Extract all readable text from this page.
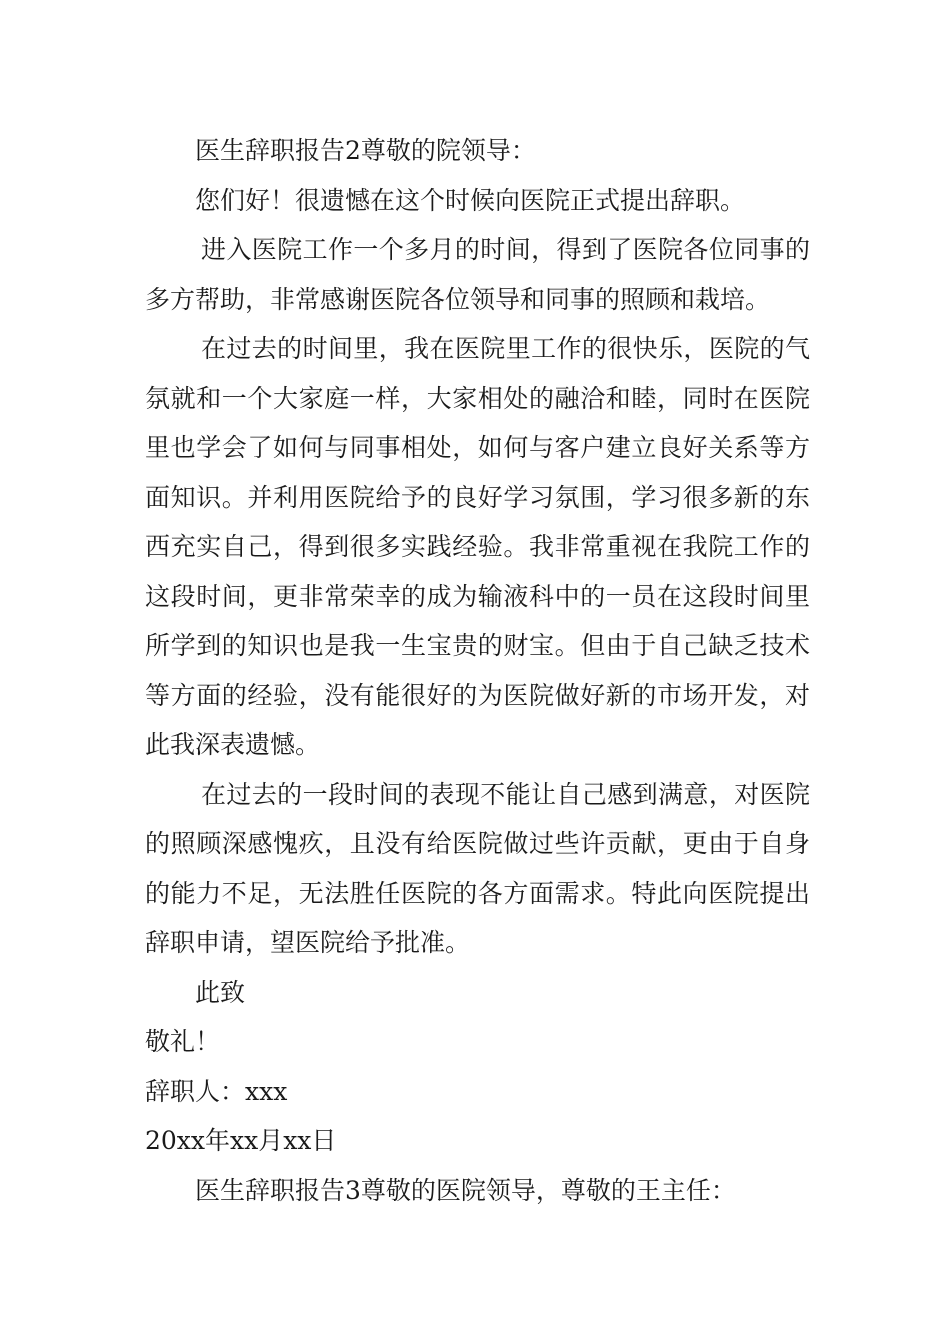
医生辞职报告2尊敬的院领导：

您们好！很遗憾在这个时候向医院正式提出辞职。

进入医院工作一个多月的时间，得到了医院各位同事的多方帮助，非常感谢医院各位领导和同事的照顾和栽培。

在过去的时间里，我在医院里工作的很快乐，医院的气氛就和一个大家庭一样，大家相处的融洽和睦，同时在医院里也学会了如何与同事相处，如何与客户建立良好关系等方面知识。并利用医院给予的良好学习氛围，学习很多新的东西充实自己，得到很多实践经验。我非常重视在我院工作的这段时间，更非常荣幸的成为输液科中的一员在这段时间里所学到的知识也是我一生宝贵的财宝。但由于自己缺乏技术等方面的经验，没有能很好的为医院做好新的市场开发，对此我深表遗憾。

在过去的一段时间的表现不能让自己感到满意，对医院的照顾深感愧疚，且没有给医院做过些许贡献，更由于自身的能力不足，无法胜任医院的各方面需求。特此向医院提出辞职申请，望医院给予批准。

此致

敬礼！

辞职人：xxx

20xx年xx月xx日

医生辞职报告3尊敬的医院领导，尊敬的王主任：
